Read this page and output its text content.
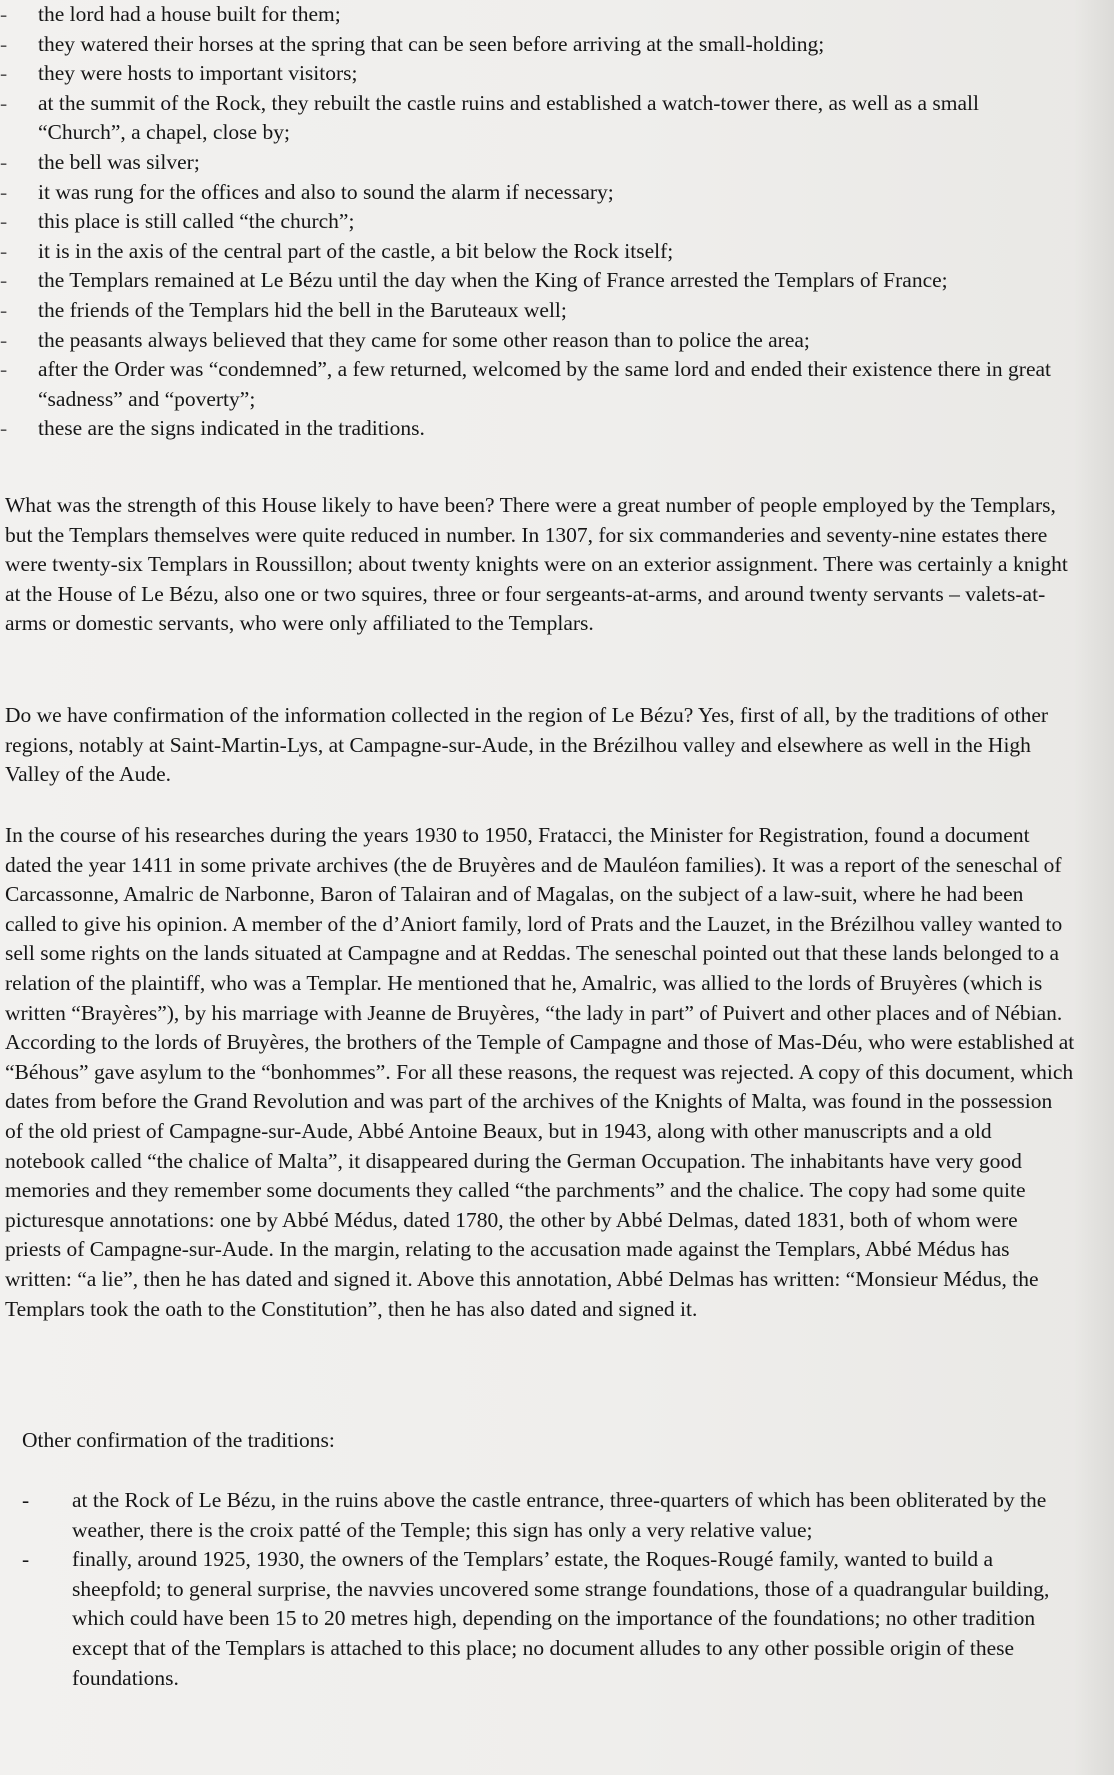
-	the lord had a house built for them;
-	they watered their horses at the spring that can be seen before arriving at the small-holding;
-	they were hosts to important visitors;
-	at the summit of the Rock, they rebuilt the castle ruins and established a watch-tower there, as well as a small “Church”, a chapel, close by;
-	the bell was silver;
-	it was rung for the offices and also to sound the alarm if necessary;
-	this place is still called “the church”;
-	it is in the axis of the central part of the castle, a bit below the Rock itself;
-	the Templars remained at Le Bézu until the day when the King of France arrested the Templars of France;
-	the friends of the Templars hid the bell in the Baruteaux well;
-	the peasants always believed that they came for some other reason than to police the area;
-	after the Order was “condemned”, a few returned, welcomed by the same lord and ended their existence there in great “sadness” and “poverty”;
-	these are the signs indicated in the traditions.

What was the strength of this House likely to have been? There were a great number of people employed by the Templars, but the Templars themselves were quite reduced in number. In 1307, for six commanderies and seventy-nine estates there were twenty-six Templars in Roussillon; about twenty knights were on an exterior assignment. There was certainly a knight at the House of Le Bézu, also one or two squires, three or four sergeants-at-arms, and around twenty servants – valets-at-arms or domestic servants, who were only affiliated to the Templars.

Do we have confirmation of the information collected in the region of Le Bézu? Yes, first of all, by the traditions of other regions, notably at Saint-Martin-Lys, at Campagne-sur-Aude, in the Brézilhou valley and elsewhere as well in the High Valley of the Aude.

In the course of his researches during the years 1930 to 1950, Fratacci, the Minister for Registration, found a document dated the year 1411 in some private archives (the de Bruyères and de Mauléon families). It was a report of the seneschal of Carcassonne, Amalric de Narbonne, Baron of Talairan and of Magalas, on the subject of a law-suit, where he had been called to give his opinion. A member of the d’Aniort family, lord of Prats and the Lauzet, in the Brézilhou valley wanted to sell some rights on the lands situated at Campagne and at Reddas. The seneschal pointed out that these lands belonged to a relation of the plaintiff, who was a Templar. He mentioned that he, Amalric, was allied to the lords of Bruyères (which is written “Brayères”), by his marriage with Jeanne de Bruyères, “the lady in part” of Puivert and other places and of Nébian. According to the lords of Bruyères, the brothers of the Temple of Campagne and those of Mas-Déu, who were established at “Béhous” gave asylum to the “bonhommes”. For all these reasons, the request was rejected. A copy of this document, which dates from before the Grand Revolution and was part of the archives of the Knights of Malta, was found in the possession of the old priest of Campagne-sur-Aude, Abbé Antoine Beaux, but in 1943, along with other manuscripts and a old notebook called “the chalice of Malta”, it disappeared during the German Occupation. The inhabitants have very good memories and they remember some documents they called “the parchments” and the chalice. The copy had some quite picturesque annotations: one by Abbé Médus, dated 1780, the other by Abbé Delmas, dated 1831, both of whom were priests of Campagne-sur-Aude. In the margin, relating to the accusation made against the Templars, Abbé Médus has written: “a lie”, then he has dated and signed it. Above this annotation, Abbé Delmas has written: “Monsieur Médus, the Templars took the oath to the Constitution”, then he has also dated and signed it.

Other confirmation of the traditions:

-	at the Rock of Le Bézu, in the ruins above the castle entrance, three-quarters of which has been obliterated by the weather, there is the croix patté of the Temple; this sign has only a very relative value;
-	finally, around 1925, 1930, the owners of the Templars’ estate, the Roques-Rougé family, wanted to build a sheepfold; to general surprise, the navvies uncovered some strange foundations, those of a quadrangular building, which could have been 15 to 20 metres high, depending on the importance of the foundations; no other tradition except that of the Templars is attached to this place; no document alludes to any other possible origin of these foundations.
